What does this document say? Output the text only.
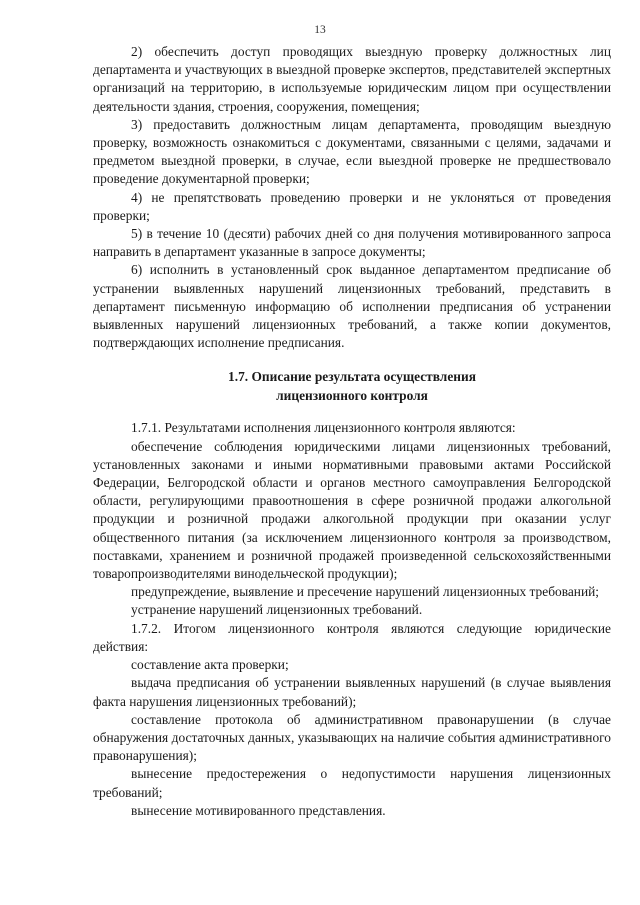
13

2) обеспечить доступ проводящих выездную проверку должностных лиц департамента и участвующих в выездной проверке экспертов, представителей экспертных организаций на территорию, в используемые юридическим лицом при осуществлении деятельности здания, строения, сооружения, помещения;

3) предоставить должностным лицам департамента, проводящим выездную проверку, возможность ознакомиться с документами, связанными с целями, задачами и предметом выездной проверки, в случае, если выездной проверке не предшествовало проведение документарной проверки;

4) не препятствовать проведению проверки и не уклоняться от проведения проверки;

5) в течение 10 (десяти) рабочих дней со дня получения мотивированного запроса направить в департамент указанные в запросе документы;

6) исполнить в установленный срок выданное департаментом предписание об устранении выявленных нарушений лицензионных требований, представить в департамент письменную информацию об исполнении предписания об устранении выявленных нарушений лицензионных требований, а также копии документов, подтверждающих исполнение предписания.

1.7. Описание результата осуществления
лицензионного контроля

1.7.1. Результатами исполнения лицензионного контроля являются:

обеспечение соблюдения юридическими лицами лицензионных требований, установленных законами и иными нормативными правовыми актами Российской Федерации, Белгородской области и органов местного самоуправления Белгородской области, регулирующими правоотношения в сфере розничной продажи алкогольной продукции и розничной продажи алкогольной продукции при оказании услуг общественного питания (за исключением лицензионного контроля за производством, поставками, хранением и розничной продажей произведенной сельскохозяйственными товаропроизводителями винодельческой продукции);

предупреждение, выявление и пресечение нарушений лицензионных требований;

устранение нарушений лицензионных требований.

1.7.2. Итогом лицензионного контроля являются следующие юридические действия:

составление акта проверки;

выдача предписания об устранении выявленных нарушений (в случае выявления факта нарушения лицензионных требований);

составление протокола об административном правонарушении (в случае обнаружения достаточных данных, указывающих на наличие события административного правонарушения);

вынесение предостережения о недопустимости нарушения лицензионных требований;

вынесение мотивированного представления.
